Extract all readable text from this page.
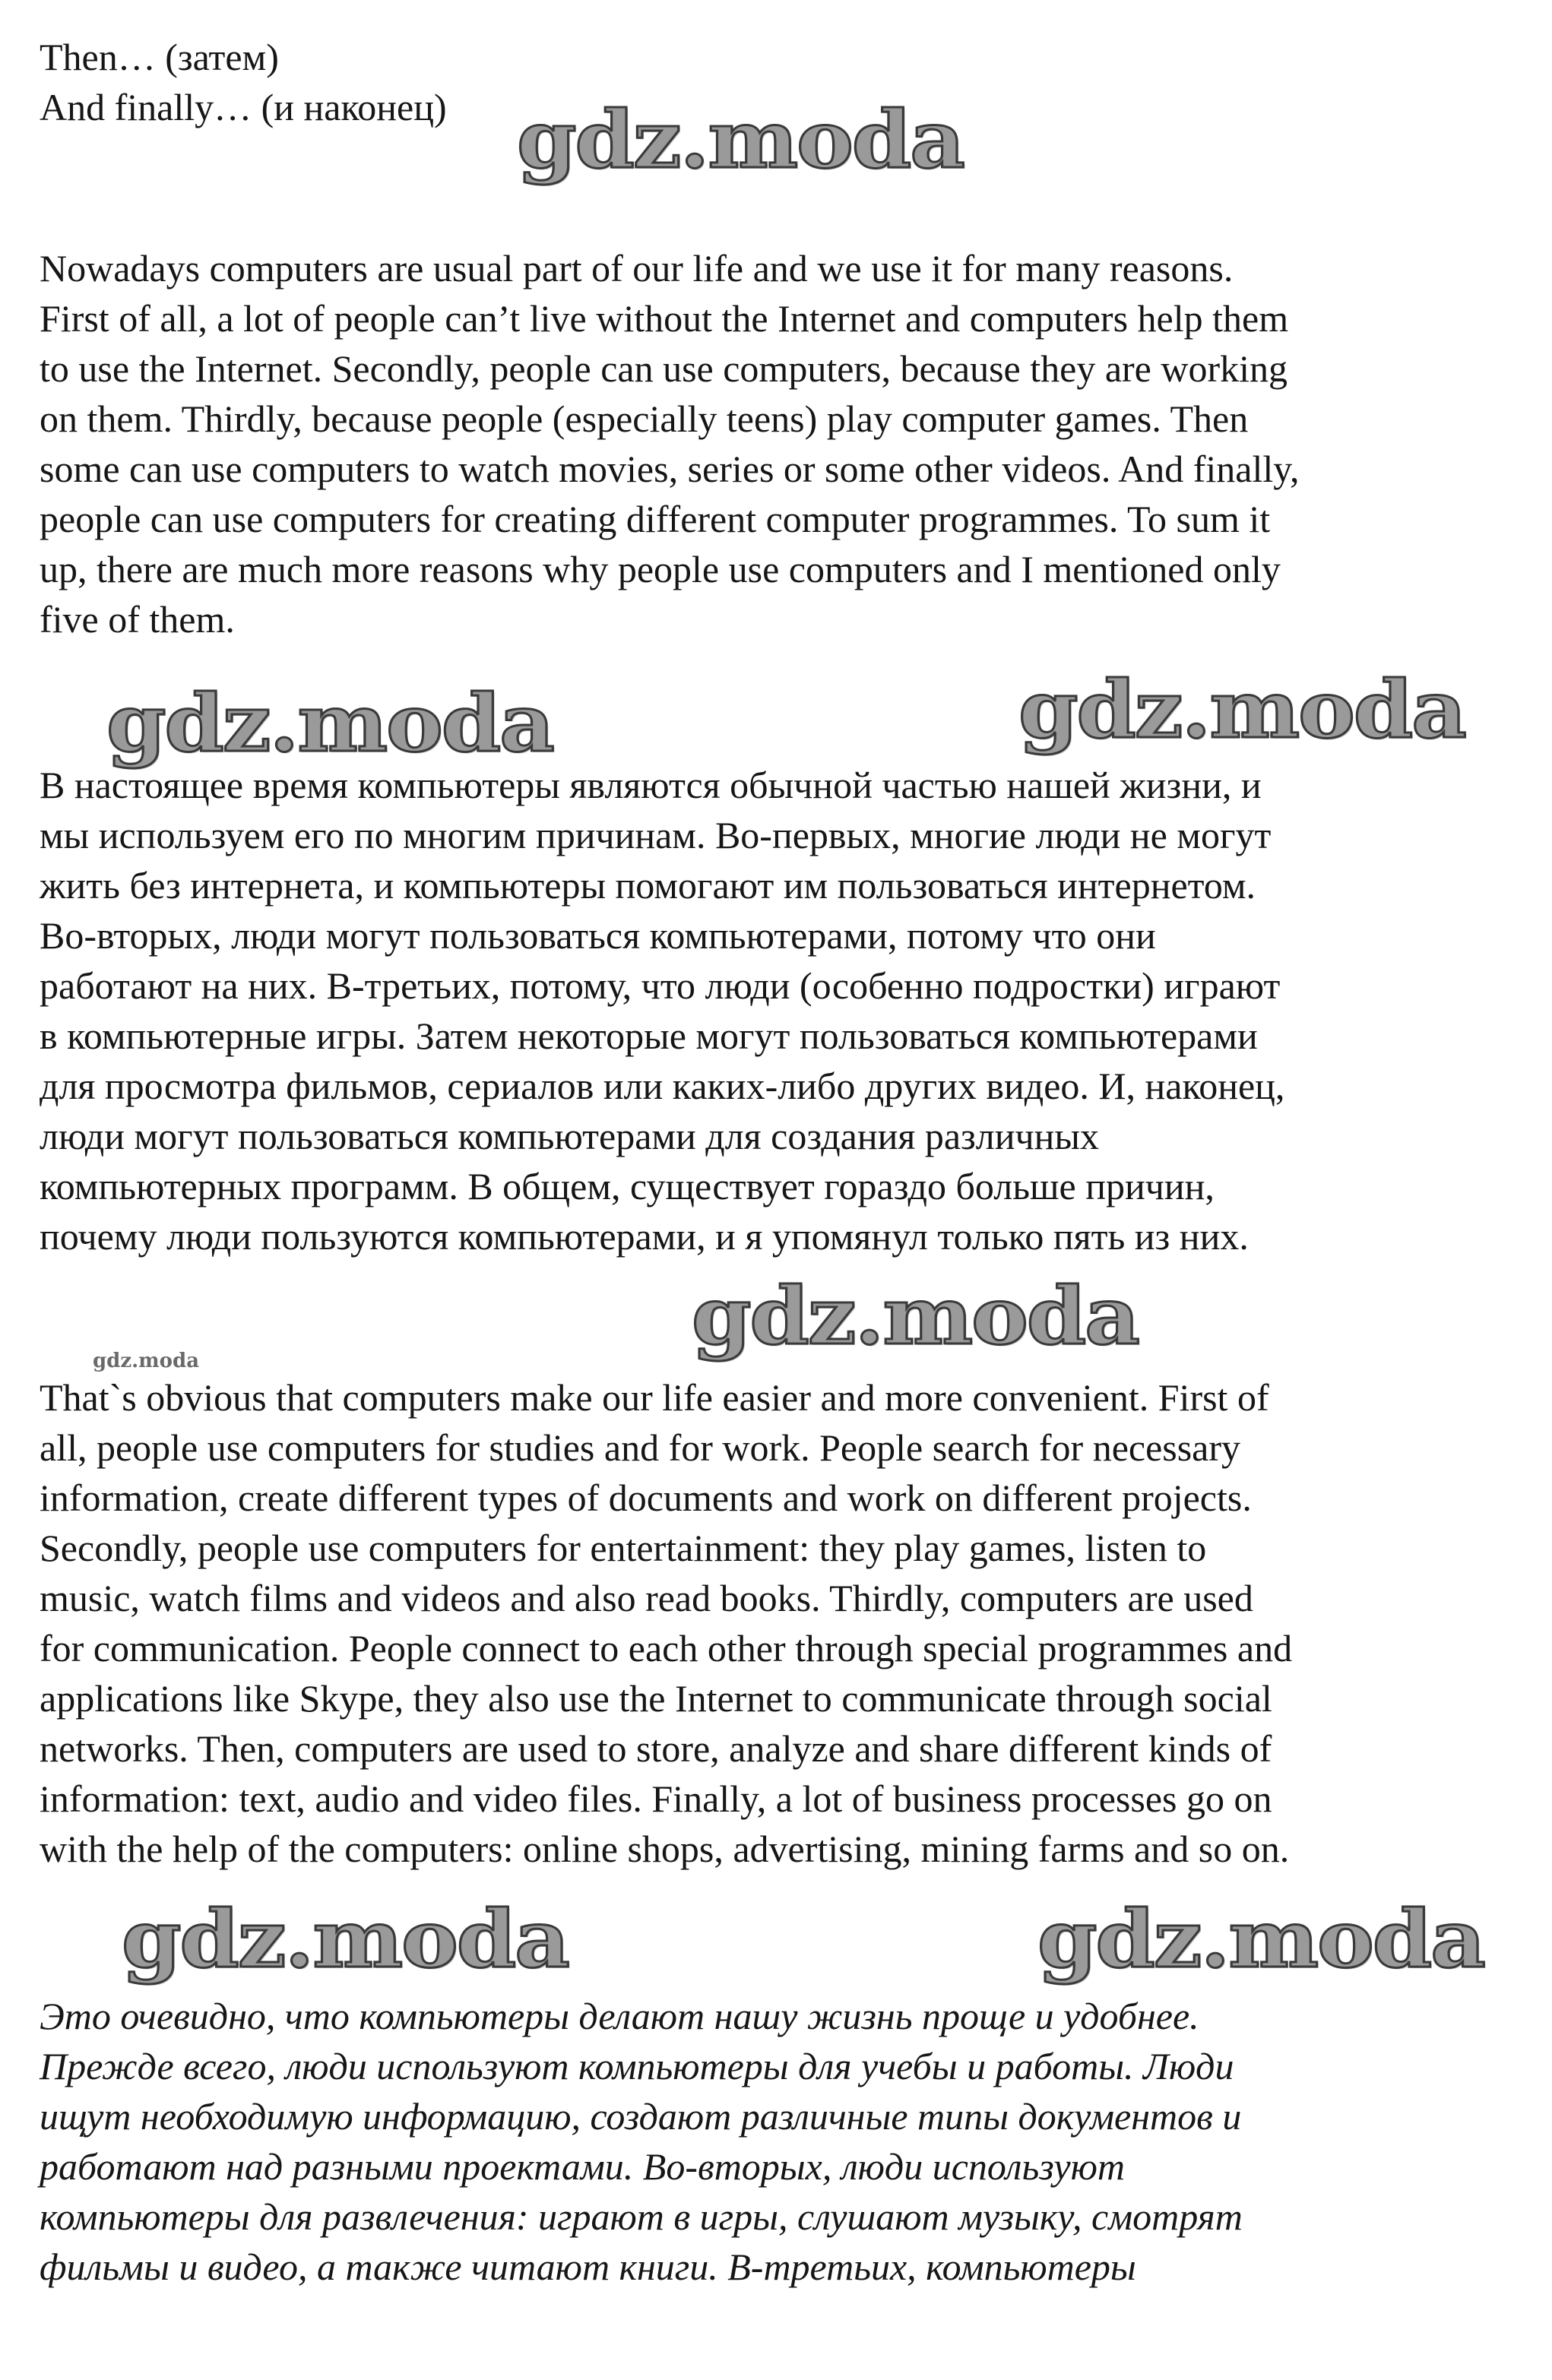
Then… (затем)

And finally… (и наконец) gdz.moda

Nowadays computers are usual part of our life and we use it for many reasons.

First of all, a lot of people can’t live without the Internet and computers help them

to use the Internet. Secondly, people can use computers, because they are working

on them. Thirdly, because people (especially teens) play computer games. Then

some can use computers to watch movies, series or some other videos. And finally,

people can use computers for creating different computer programmes. To sum it

up, there are much more reasons why people use computers and I mentioned only

five of them.

gdz.moda	gdz.moda

В настоящее время компьютеры являются обычной частью нашей жизни, и

мы используем его по многим причинам. Во-первых, многие люди не могут

жить без интернета, и компьютеры помогают им пользоваться интернетом.

Во-вторых, люди могут пользоваться компьютерами, потому что они

работают на них. В-третьих, потому, что люди (особенно подростки) играют

в компьютерные игры. Затем некоторые могут пользоваться компьютерами

для просмотра фильмов, сериалов или каких-либо других видео. И, наконец,

люди могут пользоваться компьютерами для создания различных

компьютерных программ. В общем, существует гораздо больше причин,

почему люди пользуются компьютерами, и я упомянул только пять из них.

gdz.moda
gdz.moda

That`s obvious that computers make our life easier and more convenient. First of

all, people use computers for studies and for work. People search for necessary

information, create different types of documents and work on different projects.

Secondly, people use computers for entertainment: they play games, listen to

music, watch films and videos and also read books. Thirdly, computers are used

for communication. People connect to each other through special programmes and

applications like Skype, they also use the Internet to communicate through social

networks. Then, computers are used to store, analyze and share different kinds of

information: text, audio and video files. Finally, a lot of business processes go on

with the help of the computers: online shops, advertising, mining farms and so on.

gdz.moda	gdz.moda

Это очевидно, что компьютеры делают нашу жизнь проще и удобнее.

Прежде всего, люди используют компьютеры для учебы и работы. Люди

ищут необходимую информацию, создают различные типы документов и

работают над разными проектами. Во-вторых, люди используют

компьютеры для развлечения: играют в игры, слушают музыку, смотрят

фильмы и видео, а также читают книги. В-третьих, компьютеры
